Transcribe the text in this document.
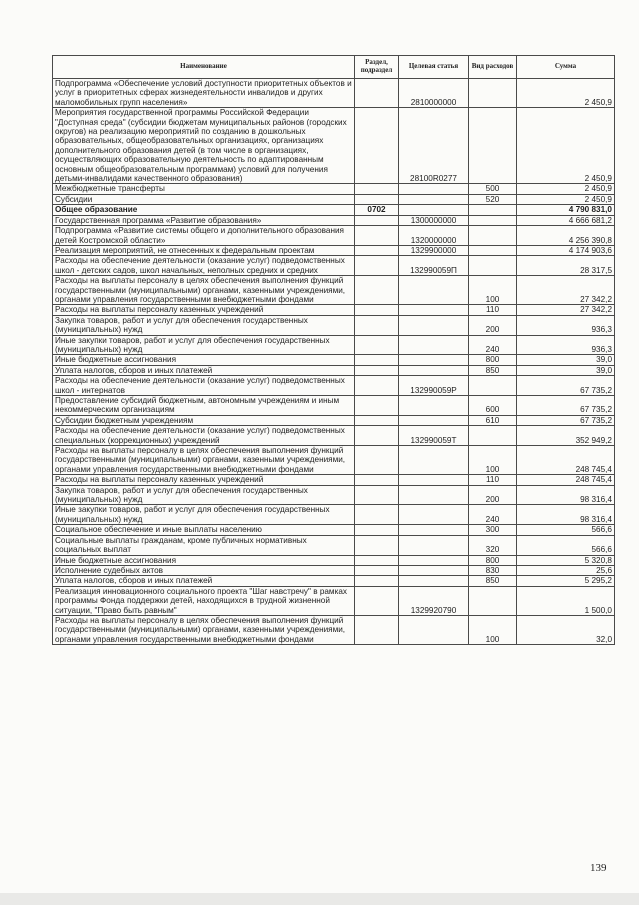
Наименование	Раздел, подраздел	Целевая статья	Вид расходов	Сумма
Подпрограмма «Обеспечение условий доступности приоритетных объектов и услуг в приоритетных сферах жизнедеятельности инвалидов и других маломобильных групп населения»		2810000000		2 450,9
Мероприятия государственной программы Российской Федерации "Доступная среда" (субсидии бюджетам муниципальных районов (городских округов) на реализацию мероприятий по созданию в дошкольных образовательных, общеобразовательных организациях, организациях дополнительного образования детей (в том числе в организациях, осуществляющих образовательную деятельность по адаптированным основным общеобразовательным программам) условий для получения детьми-инвалидами качественного образования)		28100R0277		2 450,9
Межбюджетные трансферты			500	2 450,9
Субсидии			520	2 450,9
Общее образование	0702			4 790 831,0
Государственная программа «Развитие образования»		1300000000		4 666 681,2
Подпрограмма «Развитие системы общего и дополнительного образования детей Костромской области»		1320000000		4 256 390,8
Реализация мероприятий, не отнесенных к федеральным проектам		1329900000		4 174 903,6
Расходы на обеспечение деятельности (оказание услуг) подведомственных школ - детских садов, школ начальных, неполных средних и средних		132990059П		28 317,5
Расходы на выплаты персоналу в целях обеспечения выполнения функций государственными (муниципальными) органами, казенными учреждениями, органами управления государственными внебюджетными фондами			100	27 342,2
Расходы на выплаты персоналу казенных учреждений			110	27 342,2
Закупка товаров, работ и услуг для обеспечения государственных (муниципальных) нужд			200	936,3
Иные закупки товаров, работ и услуг для обеспечения государственных (муниципальных) нужд			240	936,3
Иные бюджетные ассигнования			800	39,0
Уплата налогов, сборов и иных платежей			850	39,0
Расходы на обеспечение деятельности (оказание услуг) подведомственных школ - интернатов		132990059Р		67 735,2
Предоставление субсидий бюджетным, автономным учреждениям и иным некоммерческим организациям			600	67 735,2
Субсидии бюджетным учреждениям			610	67 735,2
Расходы на обеспечение деятельности (оказание услуг) подведомственных специальных (коррекционных) учреждений		132990059Т		352 949,2
Расходы на выплаты персоналу в целях обеспечения выполнения функций государственными (муниципальными) органами, казенными учреждениями, органами управления государственными внебюджетными фондами			100	248 745,4
Расходы на выплаты персоналу казенных учреждений			110	248 745,4
Закупка товаров, работ и услуг для обеспечения государственных (муниципальных) нужд			200	98 316,4
Иные закупки товаров, работ и услуг для обеспечения государственных (муниципальных) нужд			240	98 316,4
Социальное обеспечение и иные выплаты населению			300	566,6
Социальные выплаты гражданам, кроме публичных нормативных социальных выплат			320	566,6
Иные бюджетные ассигнования			800	5 320,8
Исполнение судебных актов			830	25,6
Уплата налогов, сборов и иных платежей			850	5 295,2
Реализация инновационного социального проекта "Шаг навстречу" в рамках программы Фонда поддержки детей, находящихся в трудной жизненной ситуации, "Право быть равным"		1329920790		1 500,0
Расходы на выплаты персоналу в целях обеспечения выполнения функций государственными (муниципальными) органами, казенными учреждениями, органами управления государственными внебюджетными фондами			100	32,0
139
